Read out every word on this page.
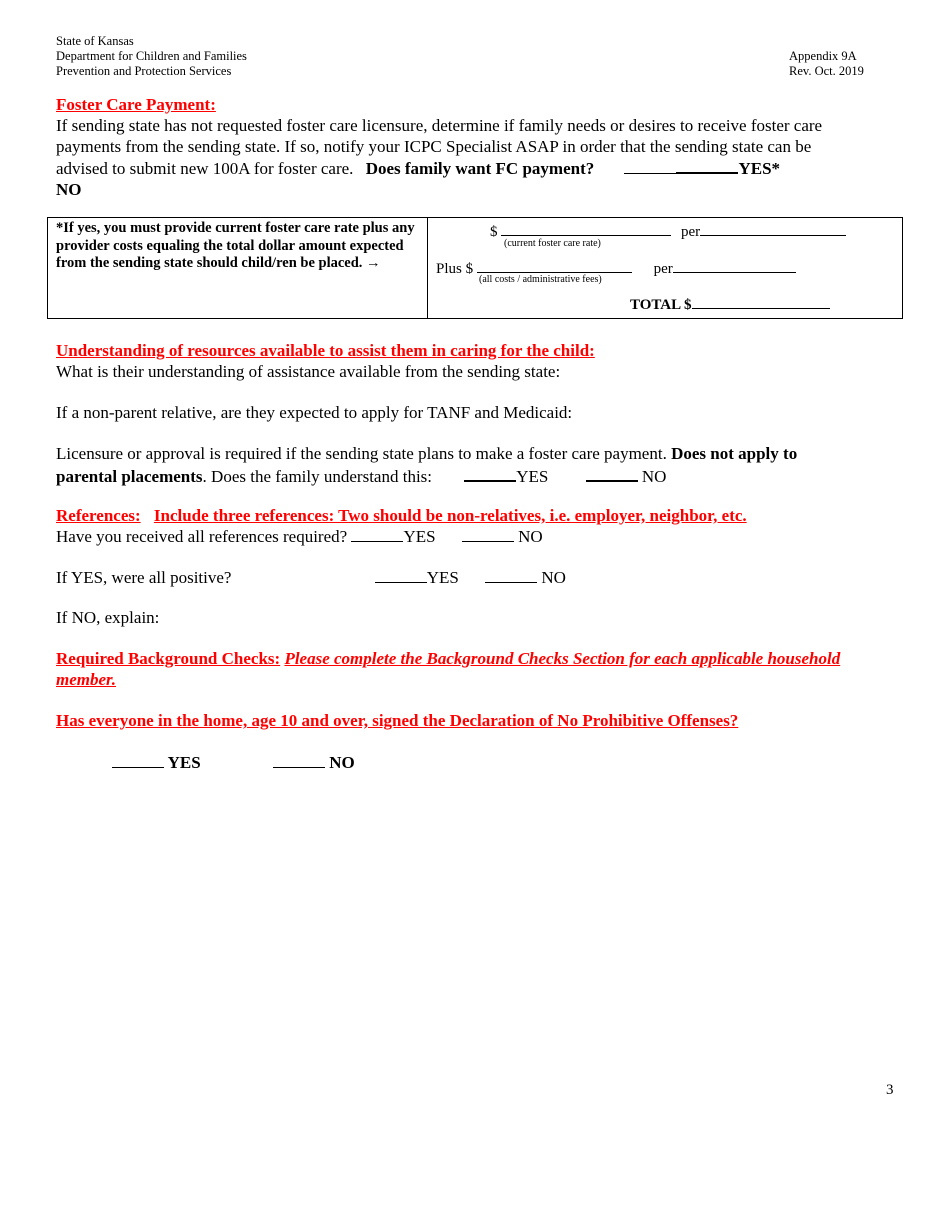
State of Kansas
Department for Children and Families
Prevention and Protection Services
Appendix 9A
Rev. Oct. 2019
Foster Care Payment:
If sending state has not requested foster care licensure, determine if family needs or desires to receive foster care
payments from the sending state. If so, notify your ICPC Specialist ASAP in order that the sending state can be
advised to submit new 100A for foster care. Does family want FC payment?	YES*
NO
*If yes, you must provide current foster care rate plus any provider costs equaling the total dollar amount expected from the sending state should child/ren be placed. →

$	per
(current foster care rate)
Plus $	per
(all costs / administrative fees)
TOTAL $
Understanding of resources available to assist them in caring for the child:
What is their understanding of assistance available from the sending state:
If a non-parent relative, are they expected to apply for TANF and Medicaid:
Licensure or approval is required if the sending state plans to make a foster care payment. Does not apply to
parental placements. Does the family understand this:	YES	NO
References: Include three references: Two should be non-relatives, i.e. employer, neighbor, etc.
Have you received all references required?	YES	NO
If YES, were all positive?	YES	NO
If NO, explain:
Required Background Checks: Please complete the Background Checks Section for each applicable household
member.
Has everyone in the home, age 10 and over, signed the Declaration of No Prohibitive Offenses?
YES	NO
3
